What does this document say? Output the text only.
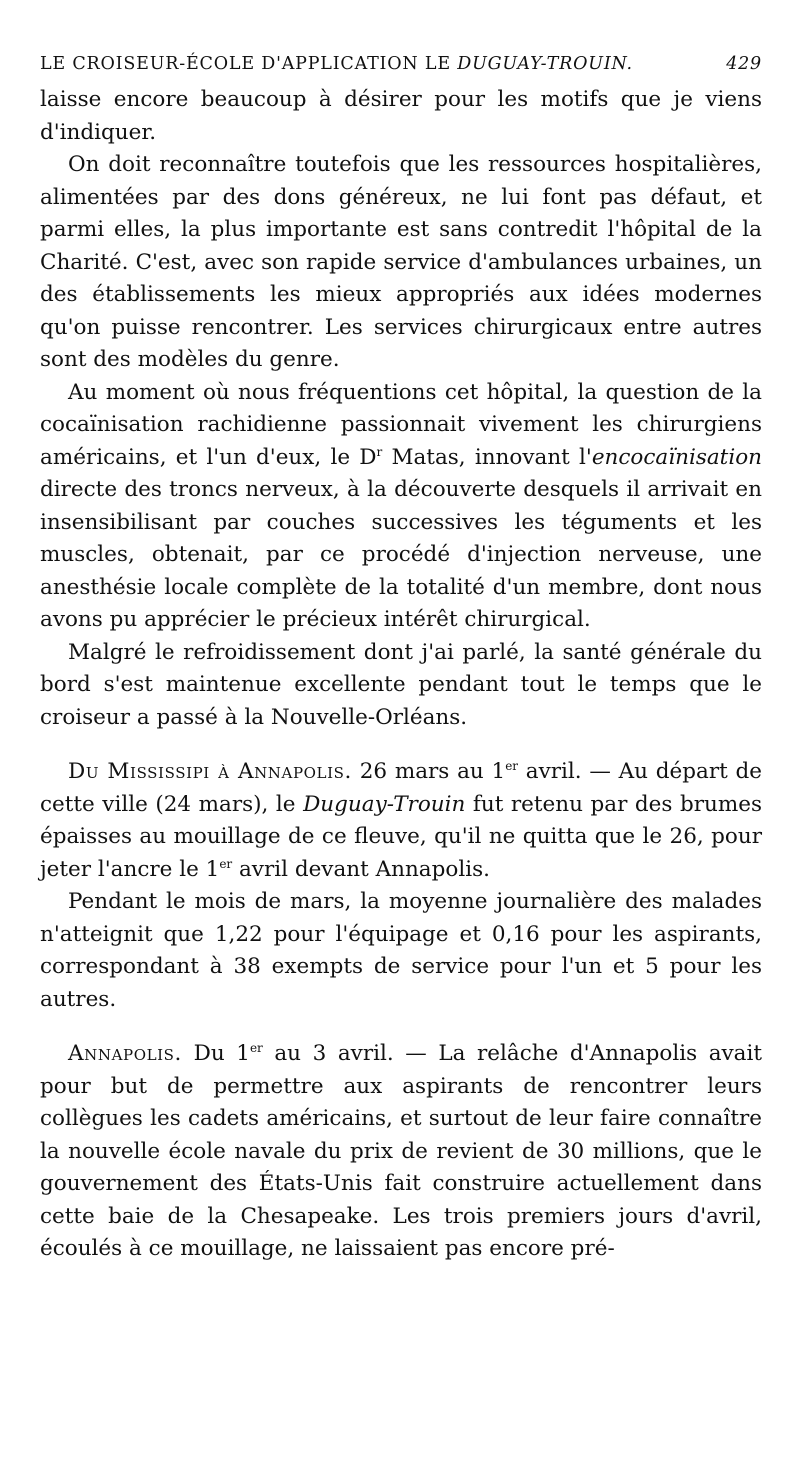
LE CROISEUR-ÉCOLE D'APPLICATION LE DUGUAY-TROUIN.	429

laisse encore beaucoup à désirer pour les motifs que je viens d'indiquer.

On doit reconnaître toutefois que les ressources hospitalières, alimentées par des dons généreux, ne lui font pas défaut, et parmi elles, la plus importante est sans contredit l'hôpital de la Charité. C'est, avec son rapide service d'ambulances urbaines, un des établissements les mieux appropriés aux idées modernes qu'on puisse rencontrer. Les services chirurgicaux entre autres sont des modèles du genre.

Au moment où nous fréquentions cet hôpital, la question de la cocaïnisation rachidienne passionnait vivement les chirurgiens américains, et l'un d'eux, le $D^r$ Matas, innovant l'encocaïnisation directe des troncs nerveux, à la découverte desquels il arrivait en insensibilisant par couches successives les téguments et les muscles, obtenait, par ce procédé d'injection nerveuse, une anesthésie locale complète de la totalité d'un membre, dont nous avons pu apprécier le précieux intérêt chirurgical.

Malgré le refroidissement dont j'ai parlé, la santé générale du bord s'est maintenue excellente pendant tout le temps que le croiseur a passé à la Nouvelle-Orléans.

Du Mississipi à Annapolis. 26 mars au 1er avril. — Au départ de cette ville (24 mars), le Duguay-Trouin fut retenu par des brumes épaisses au mouillage de ce fleuve, qu'il ne quitta que le 26, pour jeter l'ancre le 1er avril devant Annapolis.

Pendant le mois de mars, la moyenne journalière des malades n'atteignit que 1,22 pour l'équipage et 0,16 pour les aspirants, correspondant à 38 exempts de service pour l'un et 5 pour les autres.

Annapolis. Du 1er au 3 avril. — La relâche d'Annapolis avait pour but de permettre aux aspirants de rencontrer leurs collègues les cadets américains, et surtout de leur faire connaître la nouvelle école navale du prix de revient de 30 millions, que le gouvernement des États-Unis fait construire actuellement dans cette baie de la Chesapeake. Les trois premiers jours d'avril, écoulés à ce mouillage, ne laissaient pas encore pré-
